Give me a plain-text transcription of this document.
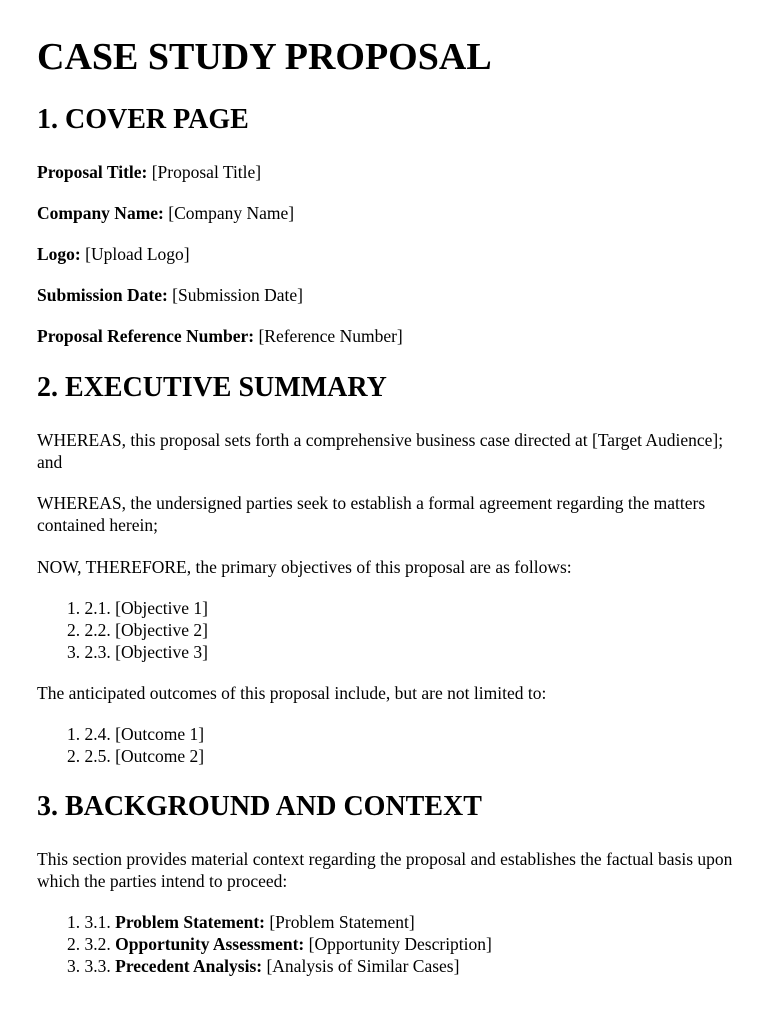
CASE STUDY PROPOSAL
1. COVER PAGE

Proposal Title: [Proposal Title]

Company Name: [Company Name]

Logo: [Upload Logo]

Submission Date: [Submission Date]

Proposal Reference Number: [Reference Number]

2. EXECUTIVE SUMMARY

WHEREAS, this proposal sets forth a comprehensive business case directed at [Target Audience]; and

WHEREAS, the undersigned parties seek to establish a formal agreement regarding the matters contained herein;

NOW, THEREFORE, the primary objectives of this proposal are as follows:

1. 2.1. [Objective 1]
2. 2.2. [Objective 2]
3. 2.3. [Objective 3]

The anticipated outcomes of this proposal include, but are not limited to:

1. 2.4. [Outcome 1]
2. 2.5. [Outcome 2]
3. BACKGROUND AND CONTEXT

This section provides material context regarding the proposal and establishes the factual basis upon which the parties intend to proceed:

1. 3.1. Problem Statement: [Problem Statement]
2. 3.2. Opportunity Assessment: [Opportunity Description]
3. 3.3. Precedent Analysis: [Analysis of Similar Cases]
